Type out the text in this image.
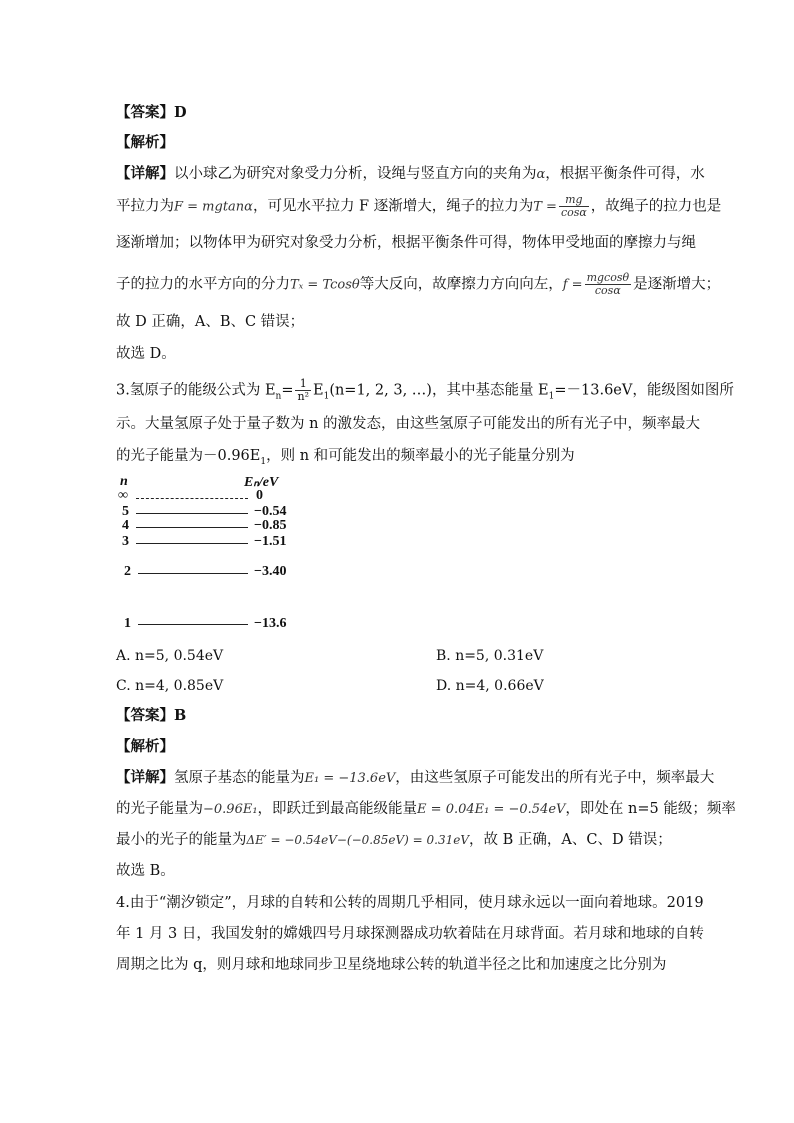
【答案】D
【解析】
【详解】以小球乙为研究对象受力分析，设绳与竖直方向的夹角为α，根据平衡条件可得，水
平拉力为F = mgtanα，可见水平拉力 F 逐渐增大，绳子的拉力为$T = \frac{mg}{\cos\alpha}$ ，故绳子的拉力也是
逐渐增加；以物体甲为研究对象受力分析，根据平衡条件可得，物体甲受地面的摩擦力与绳
子的拉力的水平方向的分力Tₓ = Tcosθ等大反向，故摩擦力方向向左，$f = \frac{mgcos\theta}{\cos\alpha}$ 是逐渐增大；
故 D 正确，A、B、C 错误；
故选 D。
3.氢原子的能级公式为 $E_n= \frac{1}{\text{n²}} E_1(n=1$, 2, 3, …)，其中基态能量 $E_1=-13.6eV$，能级图如图所
示。大量氢原子处于量子数为 n 的激发态，由这些氢原子可能发出的所有光子中，频率最大
的光子能量为$-0.96E_1$，则 n 和可能发出的频率最小的光子能量分别为
n	Eₙ/eV
∞	0
5	−0.54
4	−0.85
3	−1.51
2	−3.40
1	−13.6
A. n=5, 0.54eV	B. n=5, 0.31eV
C. n=4, 0.85eV	D. n=4, 0.66eV
【答案】B
【解析】
【详解】氢原子基态的能量为E₁ = −13.6eV，由这些氢原子可能发出的所有光子中，频率最大
的光子能量为−0.96E₁，即跃迁到最高能级能量E = 0.04E₁ = −0.54eV，即处在 n=5 能级；频率
最小的光子的能量为ΔE′ = −0.54eV−(−0.85eV) = 0.31eV，故 B 正确，A、C、D 错误；
故选 B。
4.由于“潮汐锁定”，月球的自转和公转的周期几乎相同，使月球永远以一面向着地球。2019
年 1 月 3 日，我国发射的嫦娥四号月球探测器成功软着陆在月球背面。若月球和地球的自转
周期之比为 q，则月球和地球同步卫星绕地球公转的轨道半径之比和加速度之比分别为
